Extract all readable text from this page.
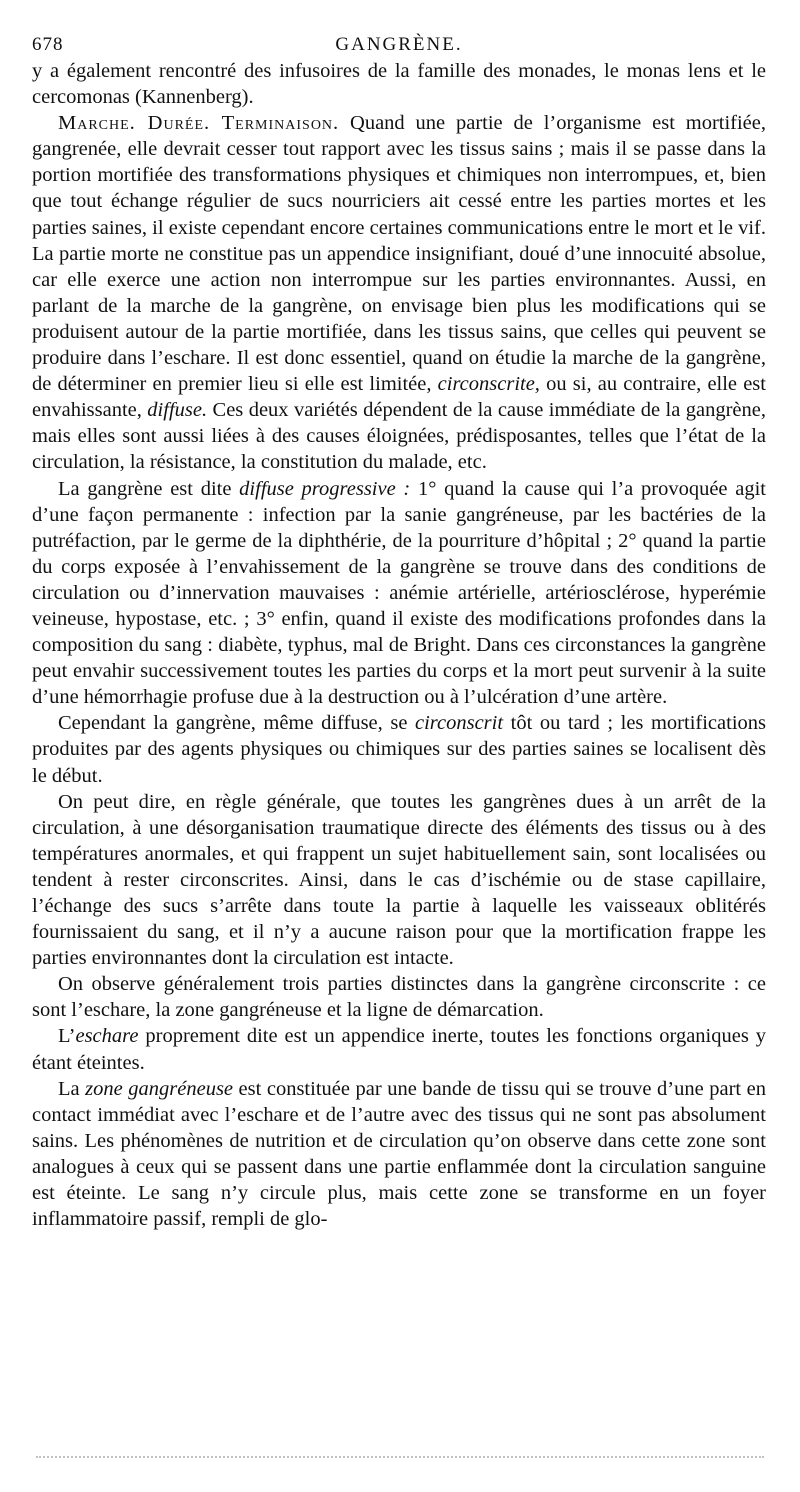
678	GANGRÈNE.

y a également rencontré des infusoires de la famille des monades, le monas lens et le cercomonas (Kannenberg).

Marche. Durée. Terminaison. Quand une partie de l’organisme est mortifiée, gangrenée, elle devrait cesser tout rapport avec les tissus sains ; mais il se passe dans la portion mortifiée des transformations physiques et chimiques non interrompues, et, bien que tout échange régulier de sucs nourriciers ait cessé entre les parties mortes et les parties saines, il existe cependant encore certaines communications entre le mort et le vif. La partie morte ne constitue pas un appendice insignifiant, doué d’une innocuité absolue, car elle exerce une action non interrompue sur les parties environnantes. Aussi, en parlant de la marche de la gangrène, on envisage bien plus les modifications qui se produisent autour de la partie mortifiée, dans les tissus sains, que celles qui peuvent se produire dans l’eschare. Il est donc essentiel, quand on étudie la marche de la gangrène, de déterminer en premier lieu si elle est limitée, circonscrite, ou si, au contraire, elle est envahissante, diffuse. Ces deux variétés dépendent de la cause immédiate de la gangrène, mais elles sont aussi liées à des causes éloignées, prédisposantes, telles que l’état de la circulation, la résistance, la constitution du malade, etc.

La gangrène est dite diffuse progressive : 1° quand la cause qui l’a provoquée agit d’une façon permanente : infection par la sanie gangréneuse, par les bactéries de la putréfaction, par le germe de la diphthérie, de la pourriture d’hôpital ; 2° quand la partie du corps exposée à l’envahissement de la gangrène se trouve dans des conditions de circulation ou d’innervation mauvaises : anémie artérielle, artériosclérose, hyperémie veineuse, hypostase, etc. ; 3° enfin, quand il existe des modifications profondes dans la composition du sang : diabète, typhus, mal de Bright. Dans ces circonstances la gangrène peut envahir successivement toutes les parties du corps et la mort peut survenir à la suite d’une hémorrhagie profuse due à la destruction ou à l’ulcération d’une artère.

Cependant la gangrène, même diffuse, se circonscrit tôt ou tard ; les mortifications produites par des agents physiques ou chimiques sur des parties saines se localisent dès le début.

On peut dire, en règle générale, que toutes les gangrènes dues à un arrêt de la circulation, à une désorganisation traumatique directe des éléments des tissus ou à des températures anormales, et qui frappent un sujet habituellement sain, sont localisées ou tendent à rester circonscrites. Ainsi, dans le cas d’ischémie ou de stase capillaire, l’échange des sucs s’arrête dans toute la partie à laquelle les vaisseaux oblitérés fournissaient du sang, et il n’y a aucune raison pour que la mortification frappe les parties environnantes dont la circulation est intacte.

On observe généralement trois parties distinctes dans la gangrène circonscrite : ce sont l’eschare, la zone gangréneuse et la ligne de démarcation.

L’eschare proprement dite est un appendice inerte, toutes les fonctions organiques y étant éteintes.

La zone gangréneuse est constituée par une bande de tissu qui se trouve d’une part en contact immédiat avec l’eschare et de l’autre avec des tissus qui ne sont pas absolument sains. Les phénomènes de nutrition et de circulation qu’on observe dans cette zone sont analogues à ceux qui se passent dans une partie enflammée dont la circulation sanguine est éteinte. Le sang n’y circule plus, mais cette zone se transforme en un foyer inflammatoire passif, rempli de glo-
